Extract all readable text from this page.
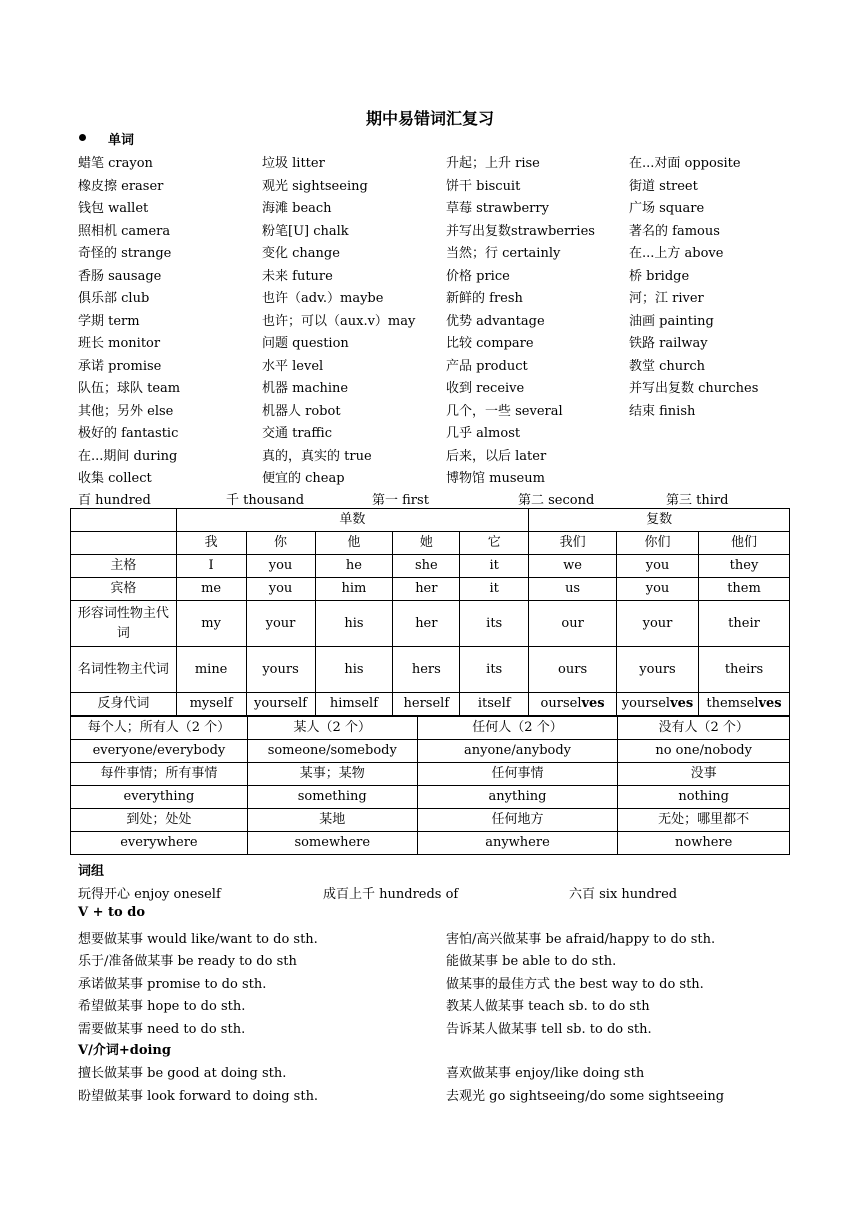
期中易错词汇复习
单词
蜡笔 crayon	垃圾 litter	升起；上升 rise	在...对面 opposite
橡皮擦 eraser	观光 sightseeing	饼干 biscuit	街道 street
钱包 wallet	海滩 beach	草莓 strawberry	广场 square
照相机 camera	粉笔[U] chalk	并写出复数strawberries	著名的 famous
奇怪的 strange	变化 change	当然；行 certainly	在...上方 above
香肠 sausage	未来 future	价格 price	桥 bridge
俱乐部 club	也许（adv.）maybe	新鲜的 fresh	河；江 river
学期 term	也许；可以（aux.v）may 优势 advantage	油画 painting
班长 monitor	问题 question	比较 compare	铁路 railway
承诺 promise	水平 level	产品 product	教堂 church
队伍；球队 team	机器 machine	收到 receive	并写出复数 churches
其他；另外 else	机器人 robot	几个，一些 several	结束 finish
极好的 fantastic	交通 traffic	几乎 almost
在...期间 during	真的，真实的 true	后来，以后 later
收集 collect	便宜的 cheap	博物馆 museum
百 hundred	千 thousand	第一 first	第二 second	第三 third
	单数					复数		
	我	你	他	她	它	我们	你们	他们
主格	I	you	he	she	it	we	you	they
宾格	me	you	him	her	it	us	you	them
形容词性物主代词	my	your	his	her	its	our	your	their
名词性物主代词	mine	yours	his	hers	its	ours	yours	theirs
反身代词	myself	yourself	himself	herself	itself	ourselves	yourselves	themselves
每个人；所有人（2 个）	某人（2 个）	任何人（2 个）	没有人（2 个）
everyone/everybody	someone/somebody	anyone/anybody	no one/nobody
每件事情；所有事情	某事；某物	任何事情	没事
everything	something	anything	nothing
到处；处处	某地	任何地方	无处；哪里都不
everywhere	somewhere	anywhere	nowhere
词组
玩得开心 enjoy oneself	成百上千 hundreds of	六百 six hundred
V + to do
想要做某事 would like/want to do sth.	害怕/高兴做某事 be afraid/happy to do sth.
乐于/准备做某事 be ready to do sth	能做某事 be able to do sth.
承诺做某事 promise to do sth.	做某事的最佳方式 the best way to do sth.
希望做某事 hope to do sth.	教某人做某事 teach sb. to do sth
需要做某事 need to do sth.	告诉某人做某事 tell sb. to do sth.
V/介词+doing
擅长做某事 be good at doing sth.	喜欢做某事 enjoy/like doing sth
盼望做某事 look forward to doing sth.	去观光 go sightseeing/do some sightseeing
